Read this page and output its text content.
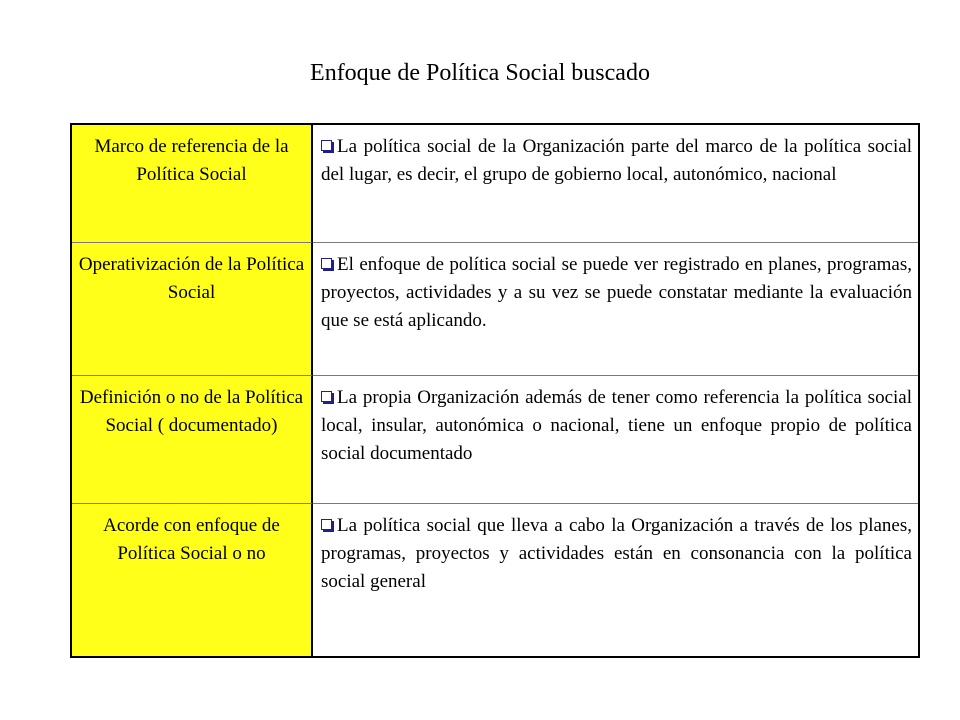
Enfoque de Política Social buscado
Marco de referencia de la Política Social
La política social de la Organización parte del marco de la política social del lugar, es decir, el grupo de gobierno local, autonómico, nacional
Operativización de la Política Social
El enfoque de política social se puede ver registrado en planes, programas, proyectos, actividades y a su vez se puede constatar mediante la evaluación que se está aplicando.
Definición o no de la Política Social ( documentado)
La propia Organización además de tener como referencia la política social local, insular, autonómica o nacional, tiene un enfoque propio de política social documentado
Acorde con enfoque de Política Social o no
La política social que lleva a cabo la Organización a través de los planes, programas, proyectos y actividades están en consonancia con la política social general
